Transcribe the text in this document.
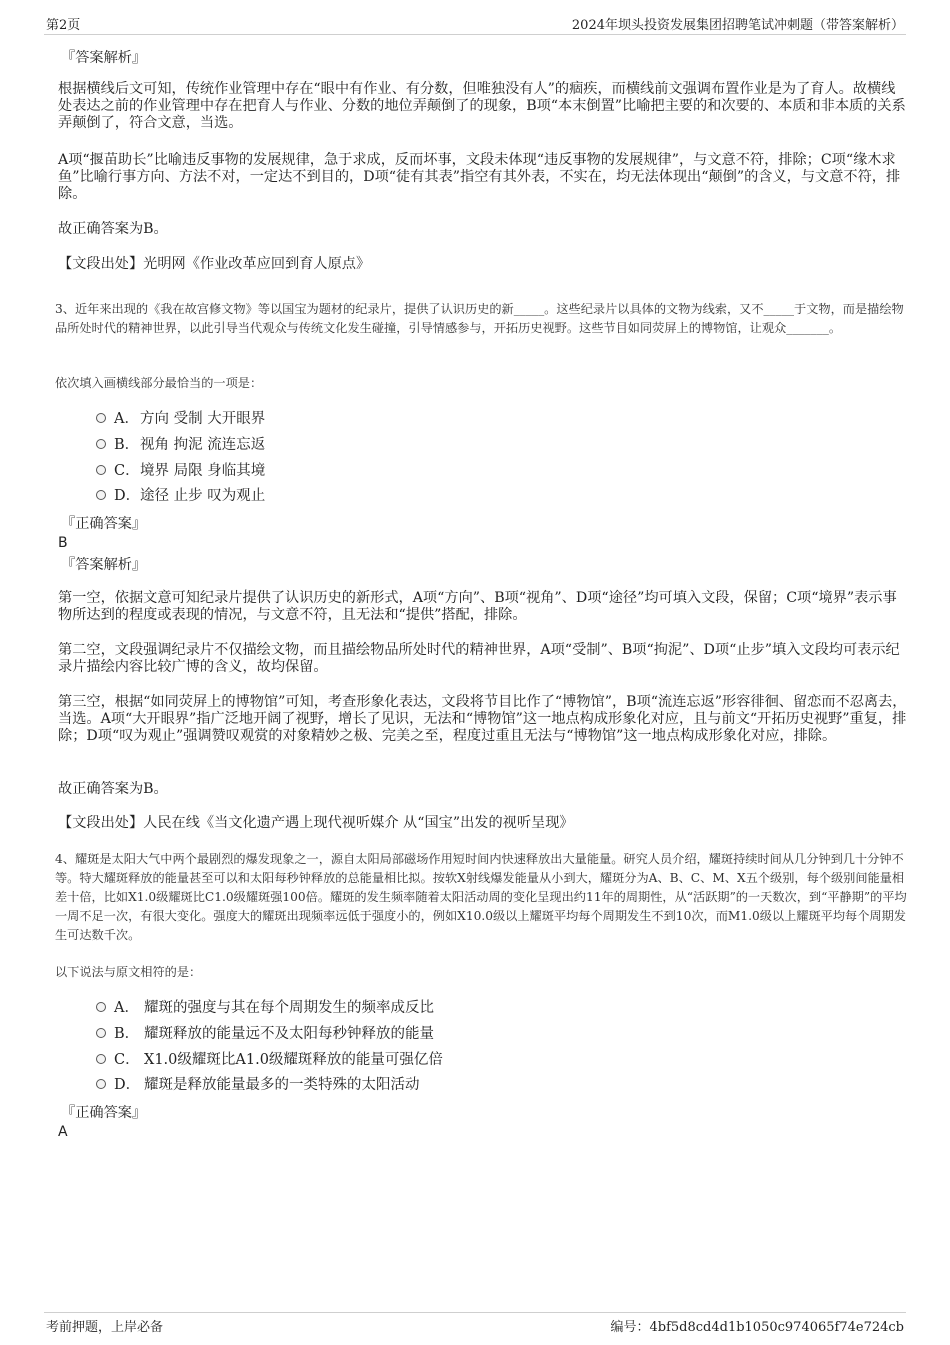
第2页	2024年坝头投资发展集团招聘笔试冲刺题（带答案解析）
『答案解析』
根据横线后文可知，传统作业管理中存在“眼中有作业、有分数，但唯独没有人”的痼疾，而横线前文强调布置作业是为了育人。故横线处表达之前的作业管理中存在把育人与作业、分数的地位弄颠倒了的现象，B项“本末倒置”比喻把主要的和次要的、本质和非本质的关系弄颠倒了，符合文意，当选。
A项“揠苗助长”比喻违反事物的发展规律，急于求成，反而坏事，文段未体现“违反事物的发展规律”，与文意不符，排除；C项“缘木求鱼”比喻行事方向、方法不对，一定达不到目的，D项“徒有其表”指空有其外表，不实在，均无法体现出“颠倒”的含义，与文意不符，排除。
故正确答案为B。
【文段出处】光明网《作业改革应回到育人原点》
3、近年来出现的《我在故宫修文物》等以国宝为题材的纪录片，提供了认识历史的新_____。这些纪录片以具体的文物为线索，又不_____于文物，而是描绘物品所处时代的精神世界，以此引导当代观众与传统文化发生碰撞，引导情感参与，开拓历史视野。这些节目如同荧屏上的博物馆，让观众_______。
依次填入画横线部分最恰当的一项是：
A．方向 受制 大开眼界
B．视角 拘泥 流连忘返
C．境界 局限 身临其境
D．途径 止步 叹为观止
『正确答案』
B
『答案解析』
第一空，依据文意可知纪录片提供了认识历史的新形式，A项“方向”、B项“视角”、D项“途径”均可填入文段，保留；C项“境界”表示事物所达到的程度或表现的情况，与文意不符，且无法和“提供”搭配，排除。
第二空，文段强调纪录片不仅描绘文物，而且描绘物品所处时代的精神世界，A项“受制”、B项“拘泥”、D项“止步”填入文段均可表示纪录片描绘内容比较广博的含义，故均保留。
第三空，根据“如同荧屏上的博物馆”可知，考查形象化表达，文段将节目比作了“博物馆”，B项“流连忘返”形容徘徊、留恋而不忍离去，当选。A项“大开眼界”指广泛地开阔了视野，增长了见识，无法和“博物馆”这一地点构成形象化对应，且与前文“开拓历史视野”重复，排除；D项“叹为观止”强调赞叹观赏的对象精妙之极、完美之至，程度过重且无法与“博物馆”这一地点构成形象化对应，排除。
故正确答案为B。
【文段出处】人民在线《当文化遗产遇上现代视听媒介 从“国宝”出发的视听呈现》
4、耀斑是太阳大气中两个最剧烈的爆发现象之一，源自太阳局部磁场作用短时间内快速释放出大量能量。研究人员介绍，耀斑持续时间从几分钟到几十分钟不等。特大耀斑释放的能量甚至可以和太阳每秒钟释放的总能量相比拟。按软X射线爆发能量从小到大，耀斑分为A、B、C、M、X五个级别，每个级别间能量相差十倍，比如X1.0级耀斑比C1.0级耀斑强100倍。耀斑的发生频率随着太阳活动周的变化呈现出约11年的周期性，从“活跃期”的一天数次，到“平静期”的平均一周不足一次，有很大变化。强度大的耀斑出现频率远低于强度小的，例如X10.0级以上耀斑平均每个周期发生不到10次，而M1.0级以上耀斑平均每个周期发生可达数千次。
以下说法与原文相符的是：
A． 耀斑的强度与其在每个周期发生的频率成反比
B． 耀斑释放的能量远不及太阳每秒钟释放的能量
C． X1.0级耀斑比A1.0级耀斑释放的能量可强亿倍
D． 耀斑是释放能量最多的一类特殊的太阳活动
『正确答案』
A
考前押题，上岸必备	编号：4bf5d8cd4d1b1050c974065f74e724cb
